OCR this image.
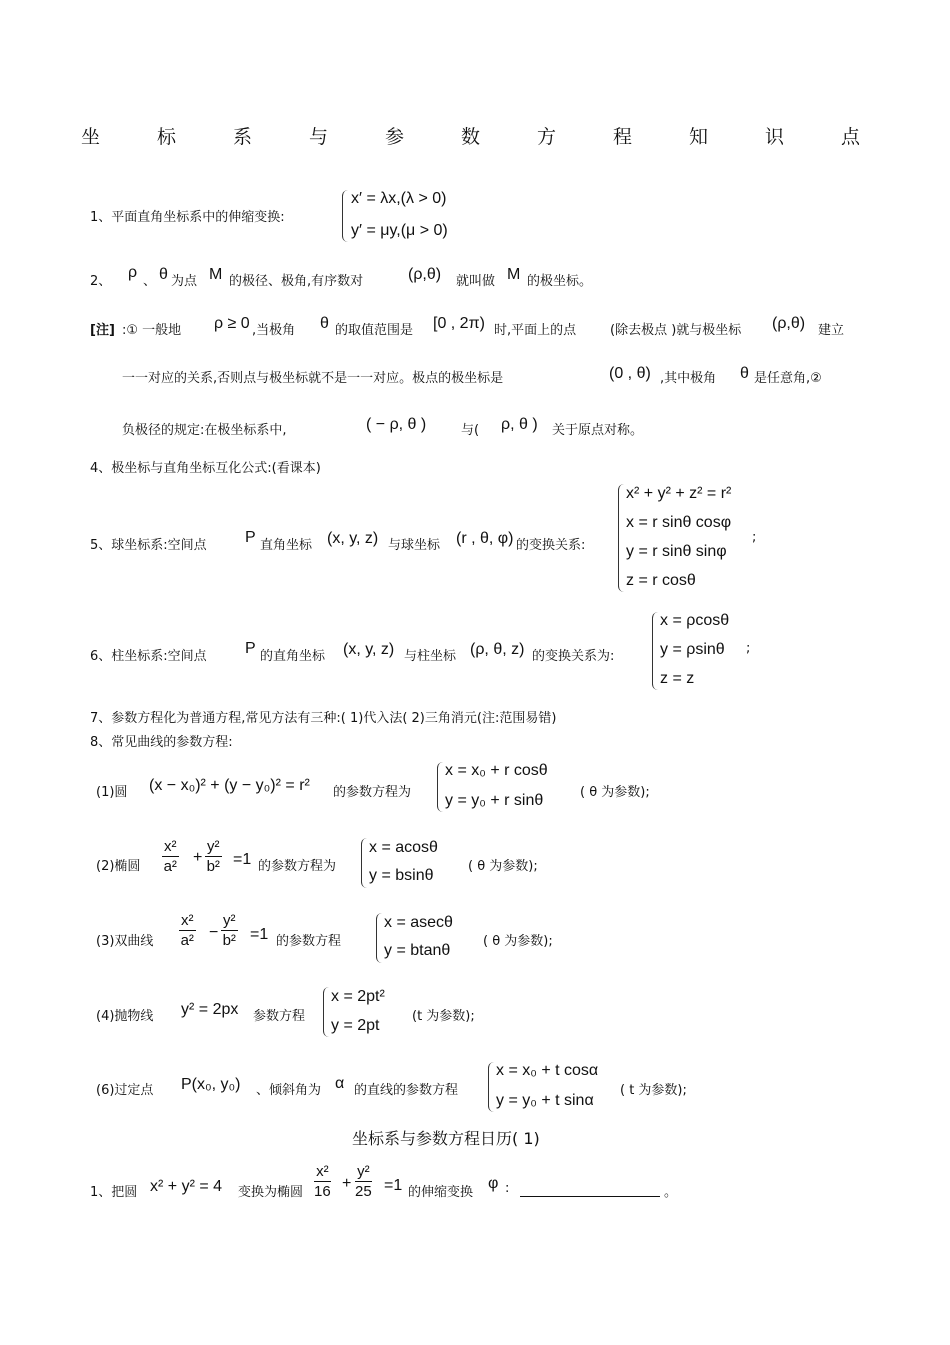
坐	标	系	与	参	数	方	程	知	识	点
1、平面直角坐标系中的伸缩变换:
x′ = λx,(λ > 0)
y′ = μy,(μ > 0)
2、
ρ
、 θ 为点 M 的极径、极角,有序数对	(ρ,θ) 就叫做 M 的极坐标。
[注] :① 一般地 ρ ≥ 0 ,当极角 θ 的取值范围是 [0 , 2π) 时,平面上的点	(除去极点 )就与极坐标 (ρ,θ) 建立
一一对应的关系,否则点与极坐标就不是一一对应。极点的极坐标是	(0 , θ) ,其中极角 θ 是任意角,②
负极径的规定:在极坐标系中,	( − ρ, θ )	与( ρ, θ ) 关于原点对称。
4、极坐标与直角坐标互化公式:(看课本)
5、球坐标系:空间点 P 直角坐标 (x, y, z) 与球坐标 (r , θ, φ) 的变换关系:
x² + y² + z² = r²
x = r sinθ cosφ
y = r sinθ sinφ
z = r cosθ
;
6、柱坐标系:空间点 P 的直角坐标 (x, y, z) 与柱坐标 (ρ, θ, z) 的变换关系为:
x = ρcosθ
y = ρsinθ
z = z
;
7、参数方程化为普通方程,常见方法有三种:( 1)代入法( 2)三角消元(注:范围易错)
8、常见曲线的参数方程:
(1)圆 (x − x₀)² + (y − y₀)² = r² 的参数方程为
x = x₀ + r cosθ
y = y₀ + r sinθ	( θ 为参数);
(2)椭圆 $\frac{\text{x²}}{\text{a²}} + \frac{\text{y²}}{\text{b²}} =1$ 的参数方程为
x = acosθ
y = bsinθ
( θ 为参数);
(3)双曲线 $\frac{\text{x²}}{\text{a²}} - \frac{\text{y²}}{\text{b²}} =1$ 的参数方程
x = asecθ
y = btanθ
( θ 为参数);
(4)抛物线 y² = 2px 参数方程
x = 2pt²
y = 2pt
(t 为参数);
(6)过定点 P(x₀, y₀) 、倾斜角为 α 的直线的参数方程
x = x₀ + t cosα
y = y₀ + t sinα
( t 为参数);
坐标系与参数方程日历( 1)
1、把圆 x² + y² = 4 变换为椭圆 $\frac{\text{x²}}{16} + \frac{\text{y²}}{25} =1$ 的伸缩变换
φ :	。
